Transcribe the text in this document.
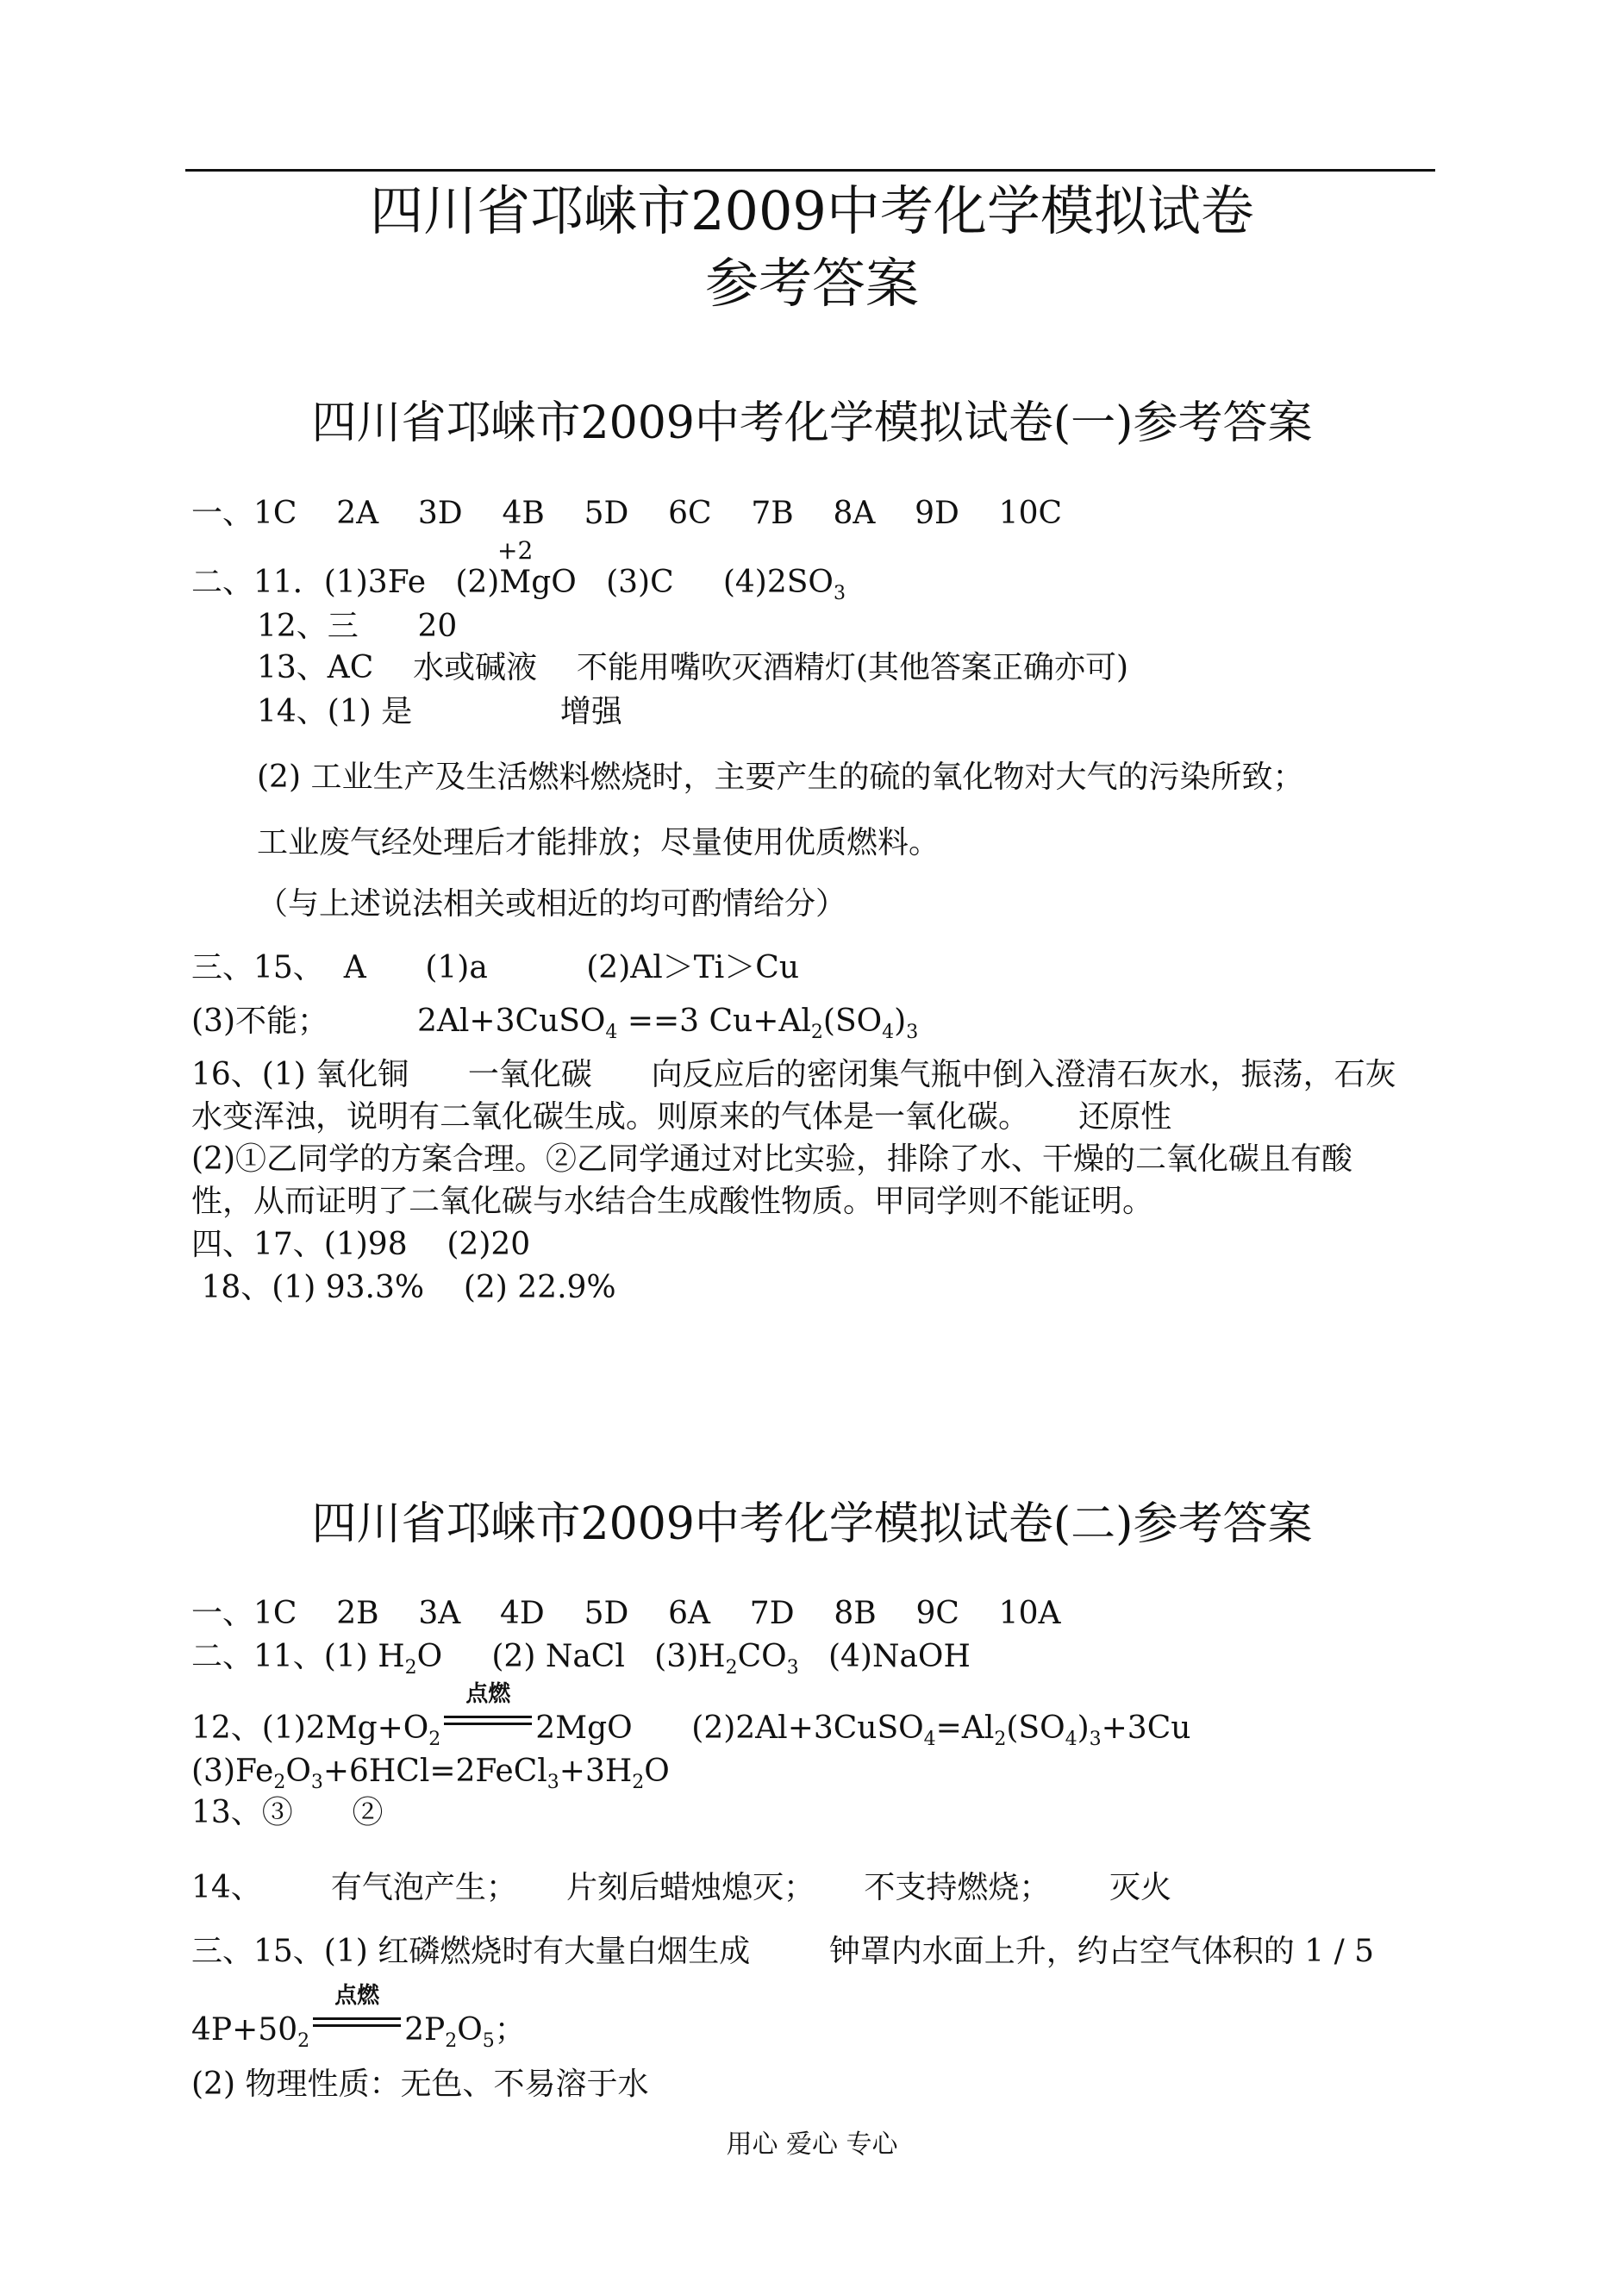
四川省邛崃市2009中考化学模拟试卷
参考答案
四川省邛崃市2009中考化学模拟试卷(一)参考答案
一、1C    2A    3D    4B    5D    6C    7B    8A    9D    10C
+2
二、11．(1)3Fe   (2)MgO   (3)C     $(4)2SO_3$
12、三      20
13、AC    水或碱液    不能用嘴吹灭酒精灯(其他答案正确亦可)
14、(1) 是               增强
(2) 工业生产及生活燃料燃烧时，主要产生的硫的氧化物对大气的污染所致；
工业废气经处理后才能排放；尽量使用优质燃料。
（与上述说法相关或相近的均可酌情给分）
三、15、  A      (1)a          (2)Al＞Ti＞Cu
(3)不能；         2Al+3CuSO$_4$ ==3 $Cu+Al_2(SO_4)_3$
16、(1) 氧化铜      一氧化碳      向反应后的密闭集气瓶中倒入澄清石灰水，振荡，石灰
水变浑浊，说明有二氧化碳生成。则原来的气体是一氧化碳。     还原性
(2)①乙同学的方案合理。②乙同学通过对比实验，排除了水、干燥的二氧化碳且有酸
性，从而证明了二氧化碳与水结合生成酸性物质。甲同学则不能证明。
四、17、(1)98    (2)20
18、(1) 93.3%    (2) 22.9%
四川省邛崃市2009中考化学模拟试卷(二)参考答案
一、1C    2B    3A    4D    5D    6A    7D    8B    9C    10A
二、11、(1) $H_2O$     (2) NaCl   $(3)H_2CO_3$   (4)NaOH
12、$(1)2Mg+O_2$
点燃
2MgO      $(2)2Al+3CuSO_4=Al_2(SO_4)_3+3Cu$
$(3)Fe_2O_3+6HCl=2FeCl_3+3H_2O$
13、③      ②
14、       有气泡产生；     片刻后蜡烛熄灭；     不支持燃烧；      灭火
三、15、(1) 红磷燃烧时有大量白烟生成        钟罩内水面上升，约占空气体积的 1 / 5
$4P+50_2$
点燃
$2P_2O_5$；
(2) 物理性质：无色、不易溶于水
用心 爱心 专心
